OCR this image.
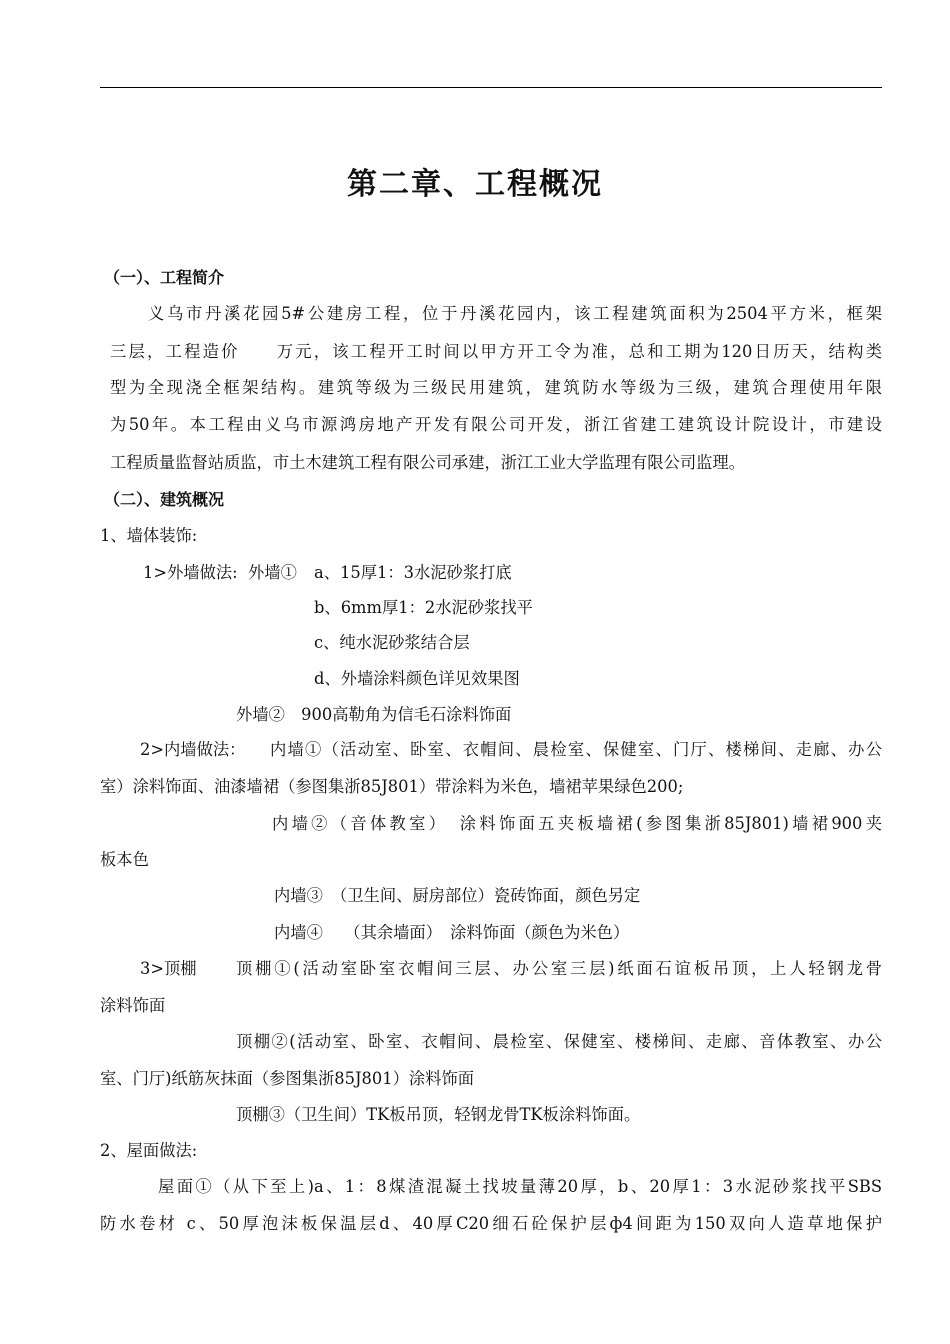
第二章、工程概况
（一）、工程简介
义乌市丹溪花园5#公建房工程，位于丹溪花园内，该工程建筑面积为2504平方米，框架
三层，工程造价　　万元，该工程开工时间以甲方开工令为准，总和工期为120日历天，结构类
型为全现浇全框架结构。建筑等级为三级民用建筑，建筑防水等级为三级，建筑合理使用年限
为50年。本工程由义乌市源鸿房地产开发有限公司开发，浙江省建工建筑设计院设计，市建设
工程质量监督站质监，市土木建筑工程有限公司承建，浙江工业大学监理有限公司监理。
（二）、建筑概况
1、墙体装饰:
1>外墙做法: 外墙① a、15厚1：3水泥砂浆打底
b、6mm厚1：2水泥砂浆找平
c、纯水泥砂浆结合层
d、外墙涂料颜色详见效果图
外墙②　900高勒角为信毛石涂料饰面
2>内墙做法： 内墙①（活动室、卧室、衣帽间、晨检室、保健室、门厅、楼梯间、走廊、办公
室）涂料饰面、油漆墙裙（参图集浙85J801）带涂料为米色，墙裙苹果绿色200;
内墙②（音体教室）　涂料饰面五夹板墙裙(参图集浙85J801)墙裙900夹
板本色
内墙③　（卫生间、厨房部位）瓷砖饰面，颜色另定
内墙④　 （其余墙面）　涂料饰面（颜色为米色）
3>顶棚 顶棚①(活动室卧室衣帽间三层、办公室三层)纸面石谊板吊顶，上人轻钢龙骨
涂料饰面
顶棚②(活动室、卧室、衣帽间、晨检室、保健室、楼梯间、走廊、音体教室、办公
室、门厅)纸筋灰抹面（参图集浙85J801）涂料饰面
顶棚③（卫生间）TK板吊顶，轻钢龙骨TK板涂料饰面。
2、屋面做法:
屋面①（从下至上)a、1：8煤渣混凝土找坡量薄20厚，b、20厚1：3水泥砂浆找平SBS
防水卷材 c、50厚泡沫板保温层d、40厚C20细石砼保护层ф4间距为150双向人造草地保护
